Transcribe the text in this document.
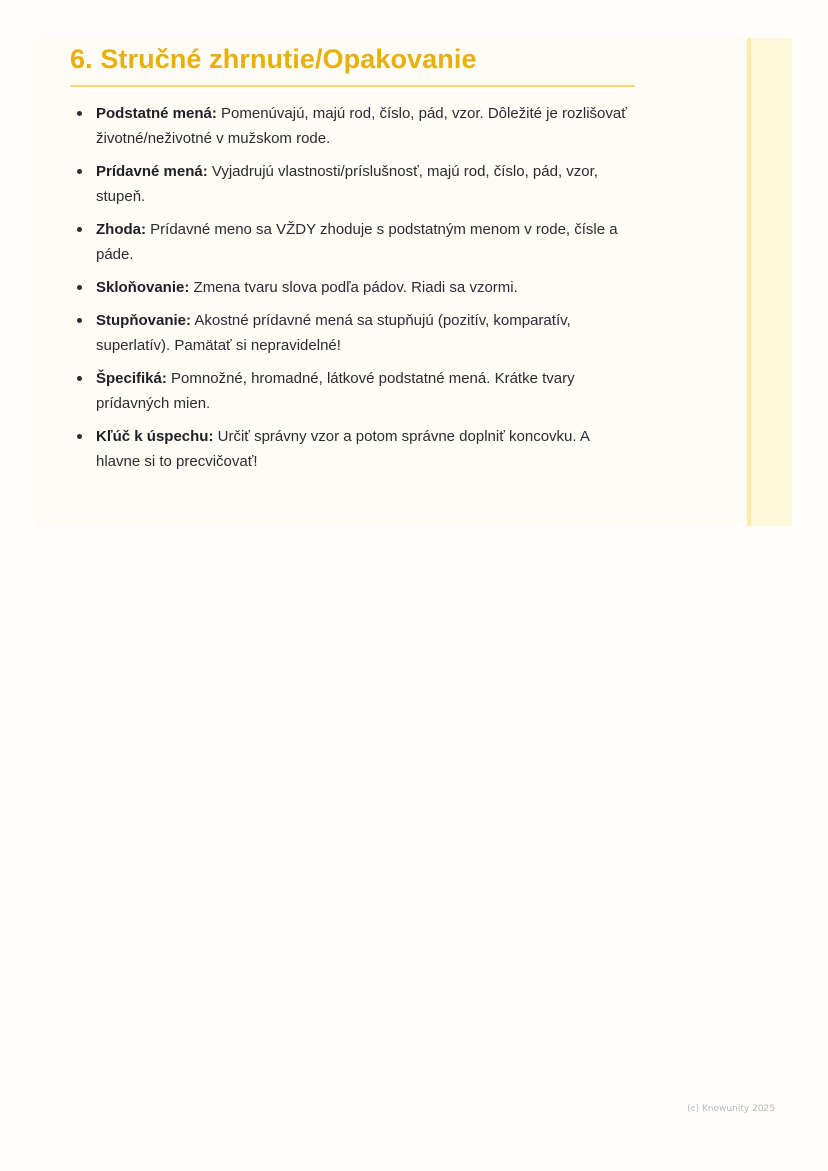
6. Stručné zhrnutie/Opakovanie
Podstatné mená: Pomenúvajú, majú rod, číslo, pád, vzor. Dôležité je rozlišovať životné/neživotné v mužskom rode.
Prídavné mená: Vyjadrujú vlastnosti/príslušnosť, majú rod, číslo, pád, vzor, stupeň.
Zhoda: Prídavné meno sa VŽDY zhoduje s podstatným menom v rode, čísle a páde.
Skloňovanie: Zmena tvaru slova podľa pádov. Riadi sa vzormi.
Stupňovanie: Akostné prídavné mená sa stupňujú (pozitív, komparatív, superlatív). Pamätať si nepravidelné!
Špecifiká: Pomnožné, hromadné, látkové podstatné mená. Krátke tvary prídavných mien.
Kľúč k úspechu: Určiť správny vzor a potom správne doplniť koncovku. A hlavne si to precvičovať!
(c) Knowunity 2025
